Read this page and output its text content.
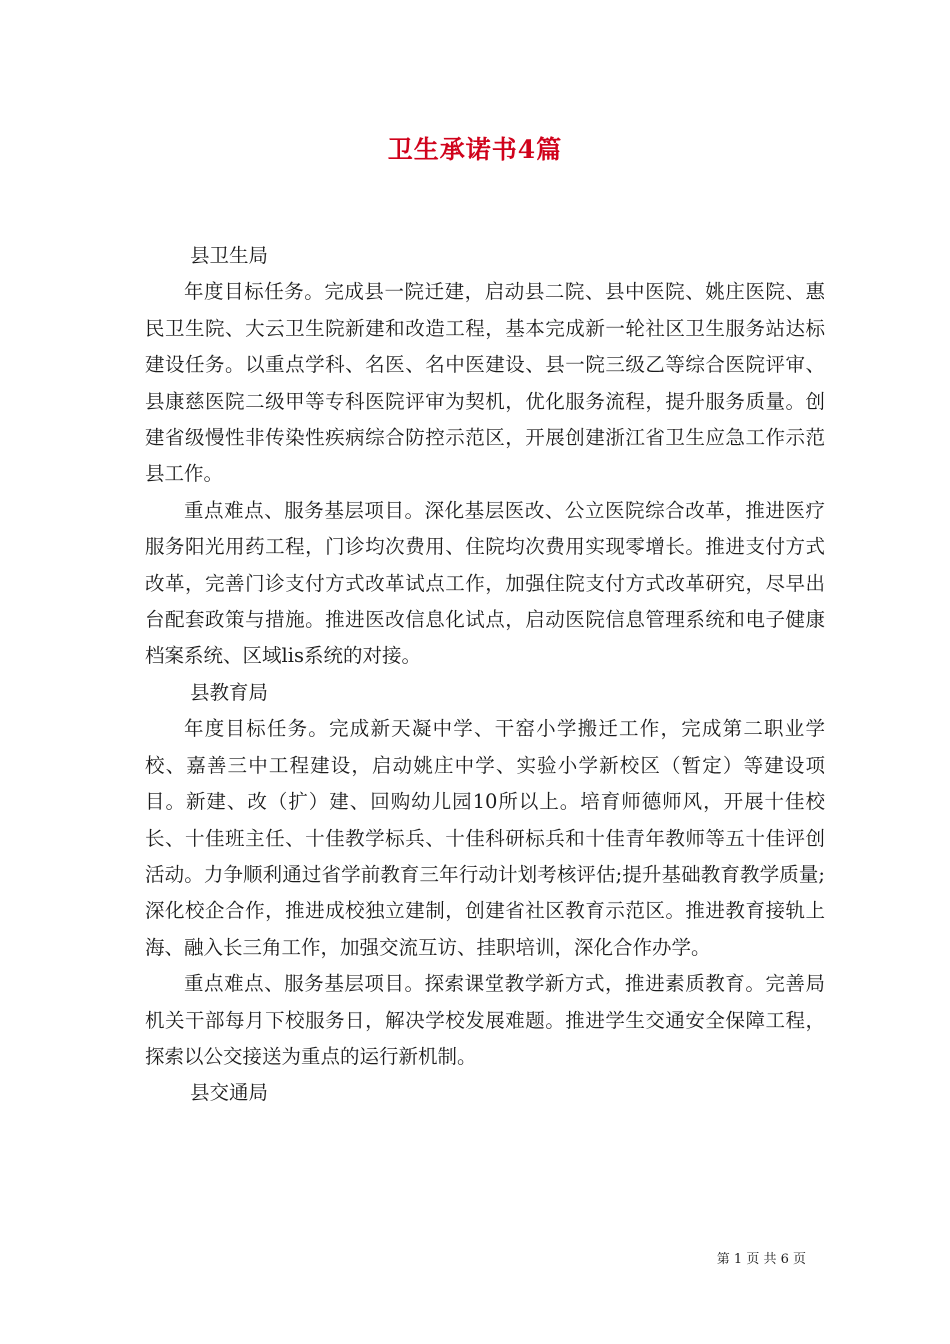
卫生承诺书4篇
县卫生局

年度目标任务。完成县一院迁建，启动县二院、县中医院、姚庄医院、惠民卫生院、大云卫生院新建和改造工程，基本完成新一轮社区卫生服务站达标建设任务。以重点学科、名医、名中医建设、县一院三级乙等综合医院评审、县康慈医院二级甲等专科医院评审为契机，优化服务流程，提升服务质量。创建省级慢性非传染性疾病综合防控示范区，开展创建浙江省卫生应急工作示范县工作。

重点难点、服务基层项目。深化基层医改、公立医院综合改革，推进医疗服务阳光用药工程，门诊均次费用、住院均次费用实现零增长。推进支付方式改革，完善门诊支付方式改革试点工作，加强住院支付方式改革研究，尽早出台配套政策与措施。推进医改信息化试点，启动医院信息管理系统和电子健康档案系统、区域lis系统的对接。

县教育局

年度目标任务。完成新天凝中学、干窑小学搬迁工作，完成第二职业学校、嘉善三中工程建设，启动姚庄中学、实验小学新校区（暂定）等建设项目。新建、改（扩）建、回购幼儿园10所以上。培育师德师风，开展十佳校长、十佳班主任、十佳教学标兵、十佳科研标兵和十佳青年教师等五十佳评创活动。力争顺利通过省学前教育三年行动计划考核评估;提升基础教育教学质量;深化校企合作，推进成校独立建制，创建省社区教育示范区。推进教育接轨上海、融入长三角工作，加强交流互访、挂职培训，深化合作办学。

重点难点、服务基层项目。探索课堂教学新方式，推进素质教育。完善局机关干部每月下校服务日，解决学校发展难题。推进学生交通安全保障工程，探索以公交接送为重点的运行新机制。

县交通局
第 1 页 共 6 页
